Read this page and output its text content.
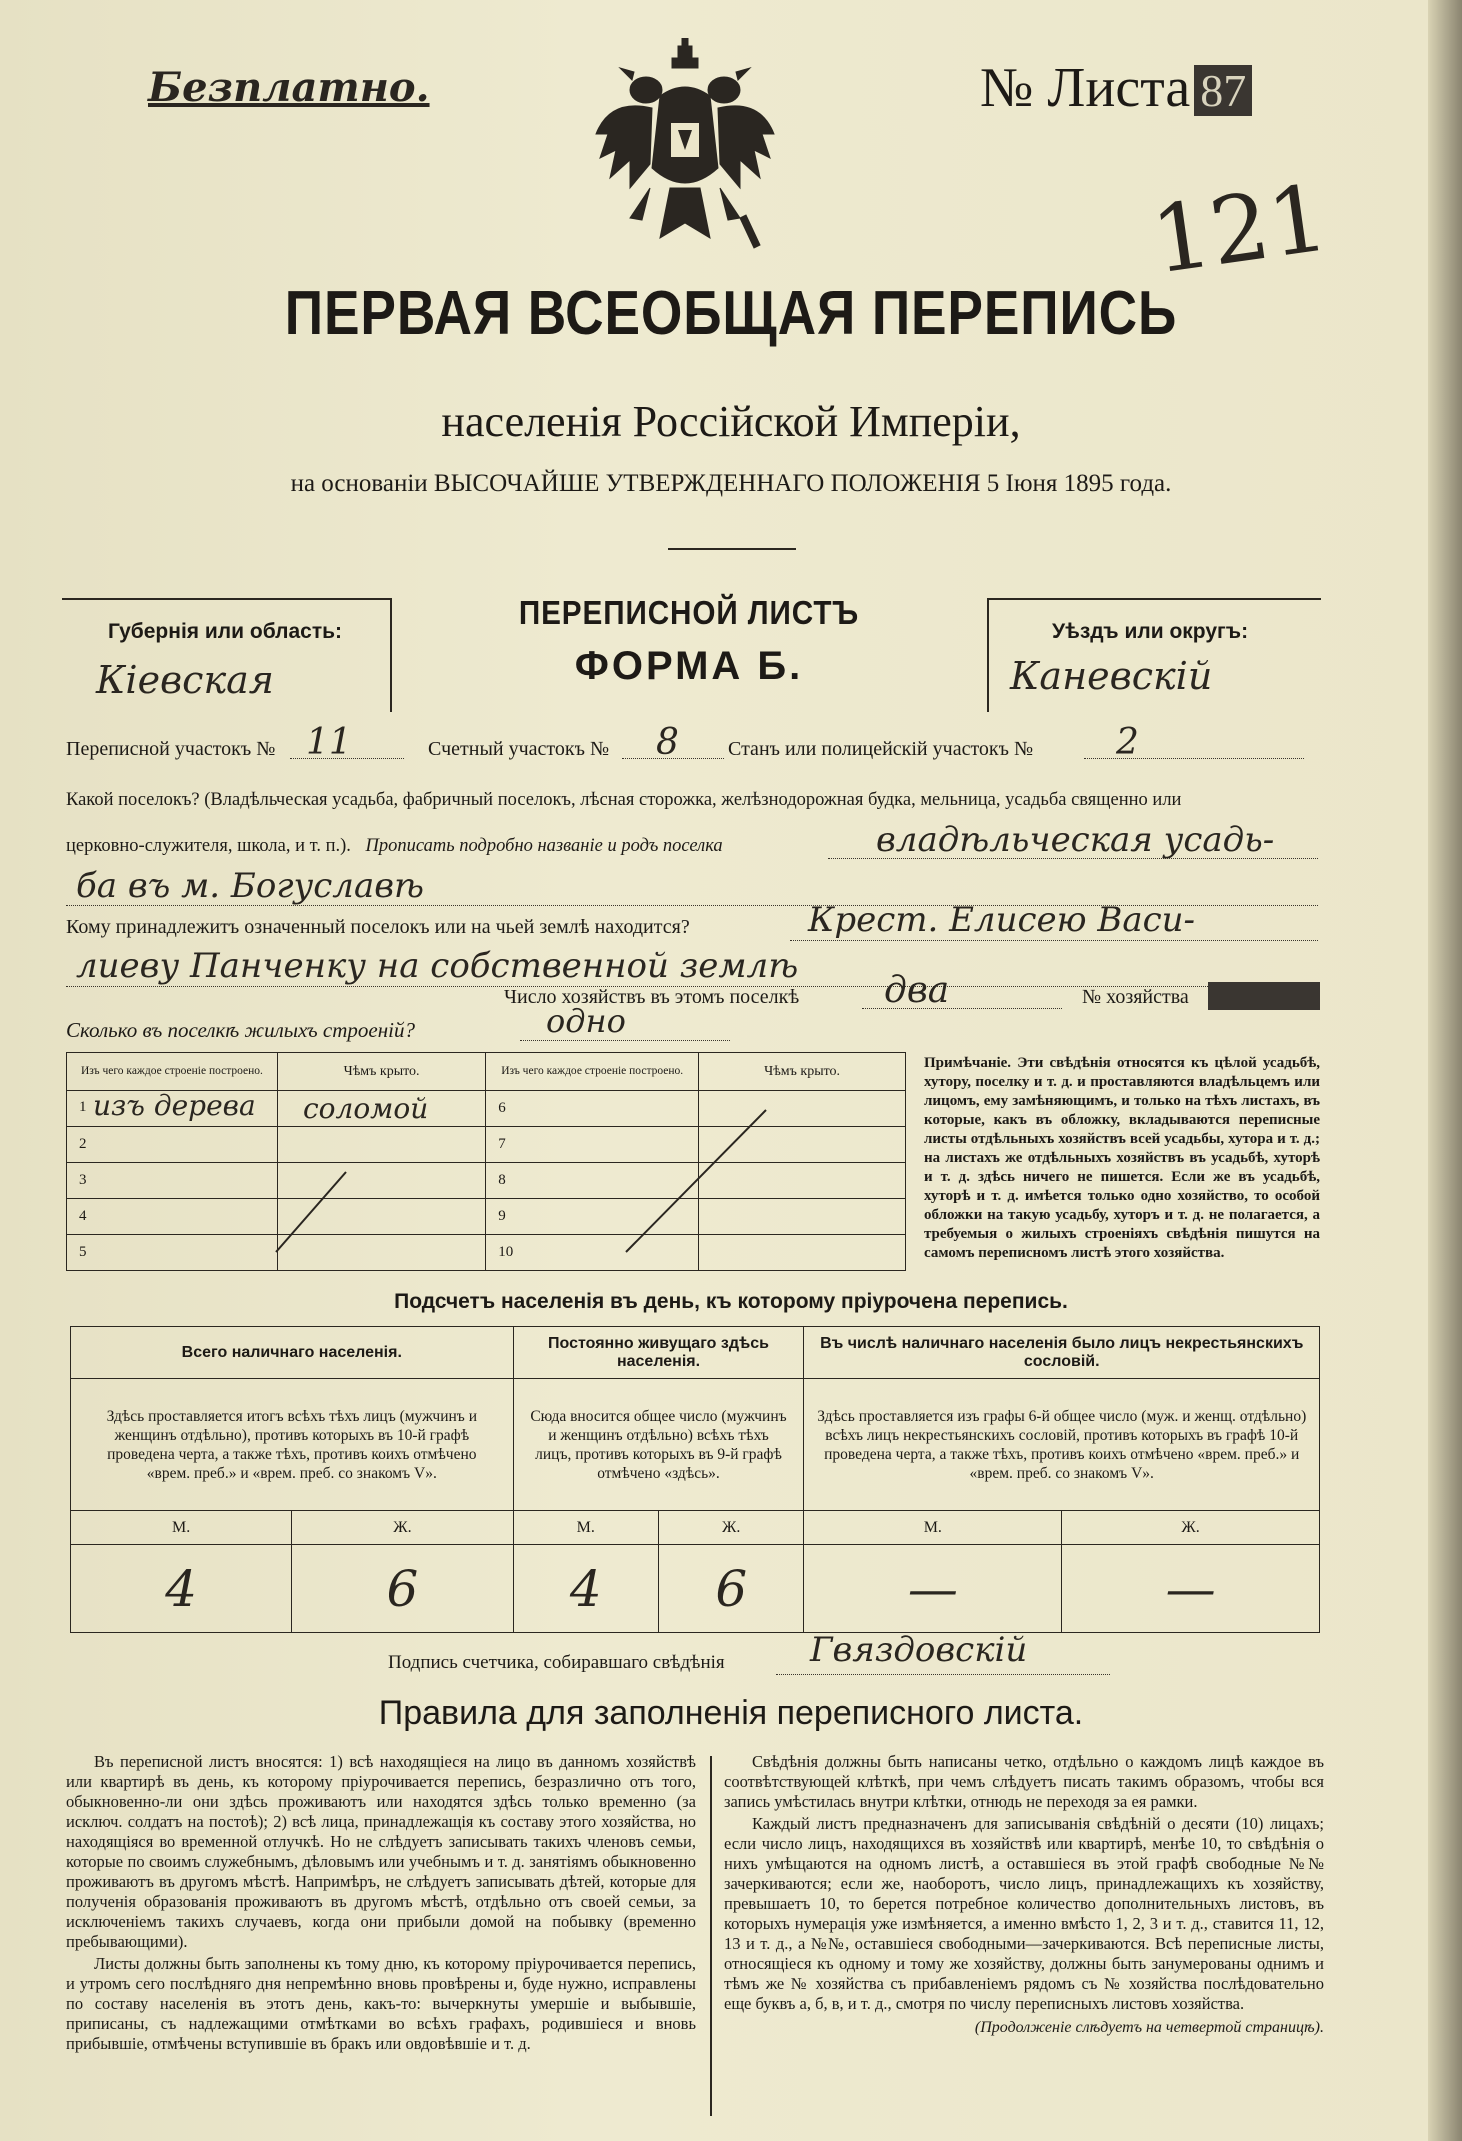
Безплатно.	№ Листа 87
121
ПЕРВАЯ ВСЕОБЩАЯ ПЕРЕПИСЬ
населенія Россійской Имперіи,
на основаніи ВЫСОЧАЙШЕ УТВЕРЖДЕННАГО ПОЛОЖЕНІЯ 5 Іюня 1895 года.
Губернія или область:
Кіевская
ПЕРЕПИСНОЙ ЛИСТЪ
ФОРМА Б.
Уѣздъ или округъ:
Каневскій
Переписной участокъ № 11	Счетный участокъ № 8 Станъ или полицейскій участокъ № 2
Какой поселокъ? (Владѣльческая усадьба, фабричный поселокъ, лѣсная сторожка, желѣзнодорожная будка, мельница, усадьба священно или
церковно-служителя, школа, и т. п.). Прописать подробно названіе и родъ поселка	владѣльческая усадь-
ба въ м. Богуславѣ
Кому принадлежитъ означенный поселокъ или на чьей землѣ находится?	Крест. Елисею Васи-
лиеву Панченку на собственной землѣ
Число хозяйствъ въ этомъ поселкѣ два	№ хозяйства
Сколько въ поселкѣ жилыхъ строеній?	одно
Изъ чего каждое строеніе построено.	Чѣмъ крыто.	Изъ чего каждое строеніе построено.	Чѣмъ крыто.

1 изъ дерева	соломой	6	
2		7	
3		8	
4		9	
5		10	
Примѣчаніе. Эти свѣдѣнія относятся къ цѣлой усадьбѣ, хутору, поселку и т. д. и проставляются владѣльцемъ или лицомъ, ему замѣняющимъ, и только на тѣхъ листахъ, въ которые, какъ въ обложку, вкладываются переписные листы отдѣльныхъ хозяйствъ всей усадьбы, хутора и т. д.; на листахъ же отдѣльныхъ хозяйствъ въ усадьбѣ, хуторѣ и т. д. здѣсь ничего не пишется. Если же въ усадьбѣ, хуторѣ и т. д. имѣется только одно хозяйство, то особой обложки на такую усадьбу, хуторъ и т. д. не полагается, а требуемыя о жилыхъ строеніяхъ свѣдѣнія пишутся на самомъ переписномъ листѣ этого хозяйства.
Подсчетъ населенія въ день, къ которому пріурочена перепись.
Всего наличнаго населенія.		Постоянно живущаго здѣсь населенія.		Въ числѣ наличнаго населенія было лицъ некрестьянскихъ сословій.	
Здѣсь проставляется итогъ всѣхъ тѣхъ лицъ (мужчинъ и женщинъ отдѣльно), противъ которыхъ въ 10-й графѣ проведена черта, а также тѣхъ, противъ коихъ отмѣчено «врем. преб.» и «врем. преб. со знакомъ V».		Сюда вносится общее число (мужчинъ и женщинъ отдѣльно) всѣхъ тѣхъ лицъ, противъ которыхъ въ 9-й графѣ отмѣчено «здѣсь».		Здѣсь проставляется изъ графы 6-й общее число (муж. и женщ. отдѣльно) всѣхъ лицъ некрестьянскихъ сословій, противъ которыхъ въ графѣ 10-й проведена черта, а также тѣхъ, противъ коихъ отмѣчено «врем. преб.» и «врем. преб. со знакомъ V».	
М.	Ж.	М.	Ж.	М.	Ж.
4	6	4	6	—	—
Подпись счетчика, собиравшаго свѣдѣнія	Гвяздовскій
Правила для заполненія переписного листа.

Въ переписной листъ вносятся: 1) всѣ находящіеся на лицо въ данномъ хозяйствѣ или квартирѣ въ день, къ которому пріурочивается перепись, безразлично отъ того, обыкновенно-ли они здѣсь проживаютъ или находятся здѣсь только временно (за исключ. солдатъ на постоѣ); 2) всѣ лица, принадлежащія къ составу этого хозяйства, но находящіяся во временной отлучкѣ. Но не слѣдуетъ записывать такихъ членовъ семьи, которые по своимъ служебнымъ, дѣловымъ или учебнымъ и т. д. занятіямъ обыкновенно проживаютъ въ другомъ мѣстѣ. Напримѣръ, не слѣдуетъ записывать дѣтей, которые для полученія образованія проживаютъ въ другомъ мѣстѣ, отдѣльно отъ своей семьи, за исключеніемъ такихъ случаевъ, когда они прибыли домой на побывку (временно пребывающими).

Листы должны быть заполнены къ тому дню, къ которому пріурочивается перепись, и утромъ сего послѣдняго дня непремѣнно вновь провѣрены и, буде нужно, исправлены по составу населенія въ этотъ день, какъ-то: вычеркнуты умершіе и выбывшіе, приписаны, съ надлежащими отмѣтками во всѣхъ графахъ, родившіеся и вновь прибывшіе, отмѣчены вступившіе въ бракъ или овдовѣвшіе и т. д.

Свѣдѣнія должны быть написаны четко, отдѣльно о каждомъ лицѣ каждое въ соотвѣтствующей клѣткѣ, при чемъ слѣдуетъ писать такимъ образомъ, чтобы вся запись умѣстилась внутри клѣтки, отнюдь не переходя за ея рамки.

Каждый листъ предназначенъ для записыванія свѣдѣній о десяти (10) лицахъ; если число лицъ, находящихся въ хозяйствѣ или квартирѣ, менѣе 10, то свѣдѣнія о нихъ умѣщаются на одномъ листѣ, а оставшіеся въ этой графѣ свободные №№ зачеркиваются; если же, наоборотъ, число лицъ, принадлежащихъ къ хозяйству, превышаетъ 10, то берется потребное количество дополнительныхъ листовъ, въ которыхъ нумерація уже измѣняется, а именно вмѣсто 1, 2, 3 и т. д., ставится 11, 12, 13 и т. д., а №№, оставшіеся свободными—зачеркиваются. Всѣ переписные листы, относящіеся къ одному и тому же хозяйству, должны быть занумерованы однимъ и тѣмъ же № хозяйства съ прибавленіемъ рядомъ съ № хозяйства послѣдовательно еще буквъ а, б, в, и т. д., смотря по числу переписныхъ листовъ хозяйства.

(Продолженіе слѣдуетъ на четвертой страницѣ).
